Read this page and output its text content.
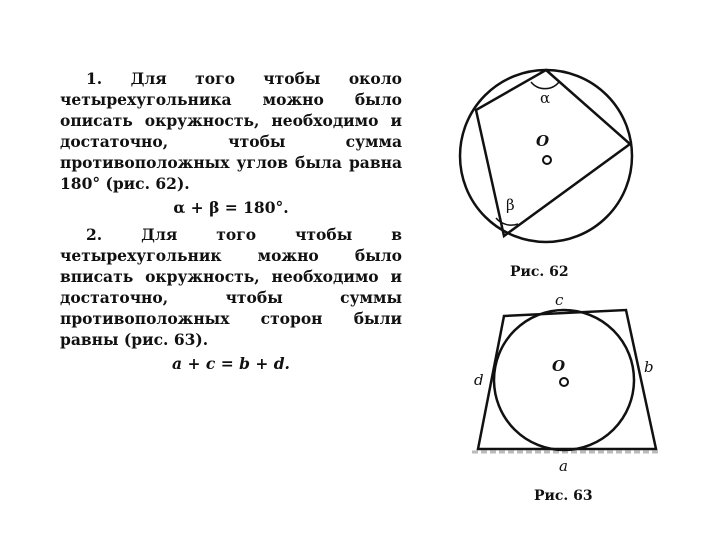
1. Для того чтобы около четырехугольника можно было описать окружность, необходимо и достаточно, чтобы сумма противоположных углов была равна 180° (рис. 62).

α + β = 180°.

2.	Для того чтобы в четырехугольник можно было вписать окружность, необходимо и достаточно, чтобы суммы противоположных сторон были равны (рис. 63).

a + c = b + d.
O
α
β
Рис. 62
O
c
d
b
a
Рис. 63
